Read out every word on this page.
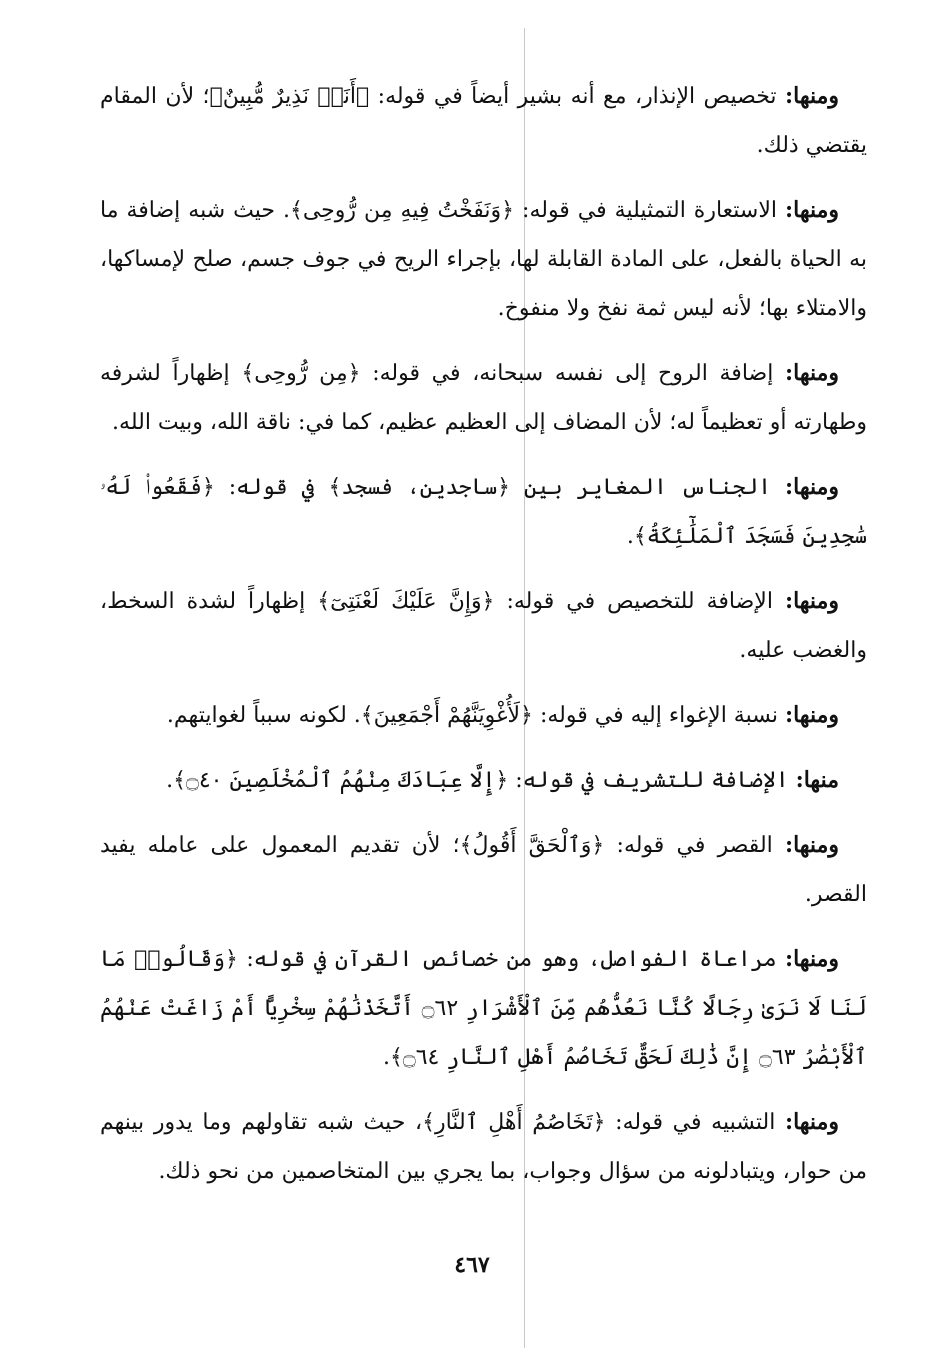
ومنها: تخصيص الإنذار، مع أنه بشير أيضاً في قوله: ﴿أَنَا۠ نَذِيرٌ مُّبِينٌ﴾؛ لأن المقام يقتضي ذلك.

ومنها: الاستعارة التمثيلية في قوله: ﴿وَنَفَخْتُ فِيهِ مِن رُّوحِى﴾. حيث شبه إضافة ما به الحياة بالفعل، على المادة القابلة لها، بإجراء الريح في جوف جسم، صلح لإمساكها، والامتلاء بها؛ لأنه ليس ثمة نفخ ولا منفوخ.

ومنها: إضافة الروح إلى نفسه سبحانه، في قوله: ﴿مِن رُّوحِى﴾ إظهاراً لشرفه وطهارته أو تعظيماً له؛ لأن المضاف إلى العظيم عظيم، كما في: ناقة الله، وبيت الله.

ومنها: الجناس المغاير بين ﴿ساجدين، فسجد﴾ في قوله: ﴿فَقَعُوا۟ لَهُۥ سَٰجِدِينَ فَسَجَدَ ٱلْمَلَٰٓئِكَةُ﴾.

ومنها: الإضافة للتخصيص في قوله: ﴿وَإِنَّ عَلَيْكَ لَعْنَتِىٓ﴾ إظهاراً لشدة السخط، والغضب عليه.

ومنها: نسبة الإغواء إليه في قوله: ﴿لَأُغْوِيَنَّهُمْ أَجْمَعِينَ﴾. لكونه سبباً لغوايتهم.

منها: الإضافة للتشريف في قوله: ﴿إِلَّا عِبَادَكَ مِنْهُمُ ٱلْمُخْلَصِينَ ۝٤٠﴾.

ومنها: القصر في قوله: ﴿وَٱلْحَقَّ أَقُولُ﴾؛ لأن تقديم المعمول على عامله يفيد القصر.

ومنها: مراعاة الفواصل، وهو من خصائص القرآن في قوله: ﴿وَقَالُوا۟ مَا لَنَا لَا نَرَىٰ رِجَالًا كُنَّا نَعُدُّهُم مِّنَ ٱلْأَشْرَارِ ۝٦٢ أَتَّخَذْنَٰهُمْ سِخْرِيًّا أَمْ زَاغَتْ عَنْهُمُ ٱلْأَبْصَٰرُ ۝٦٣ إِنَّ ذَٰلِكَ لَحَقٌّ تَخَاصُمُ أَهْلِ ٱلنَّارِ ۝٦٤﴾.

ومنها: التشبيه في قوله: ﴿تَخَاصُمُ أَهْلِ ٱلنَّارِ﴾، حيث شبه تقاولهم وما يدور بينهم من حوار، ويتبادلونه من سؤال وجواب، بما يجري بين المتخاصمين من نحو ذلك.

٤٦٧
